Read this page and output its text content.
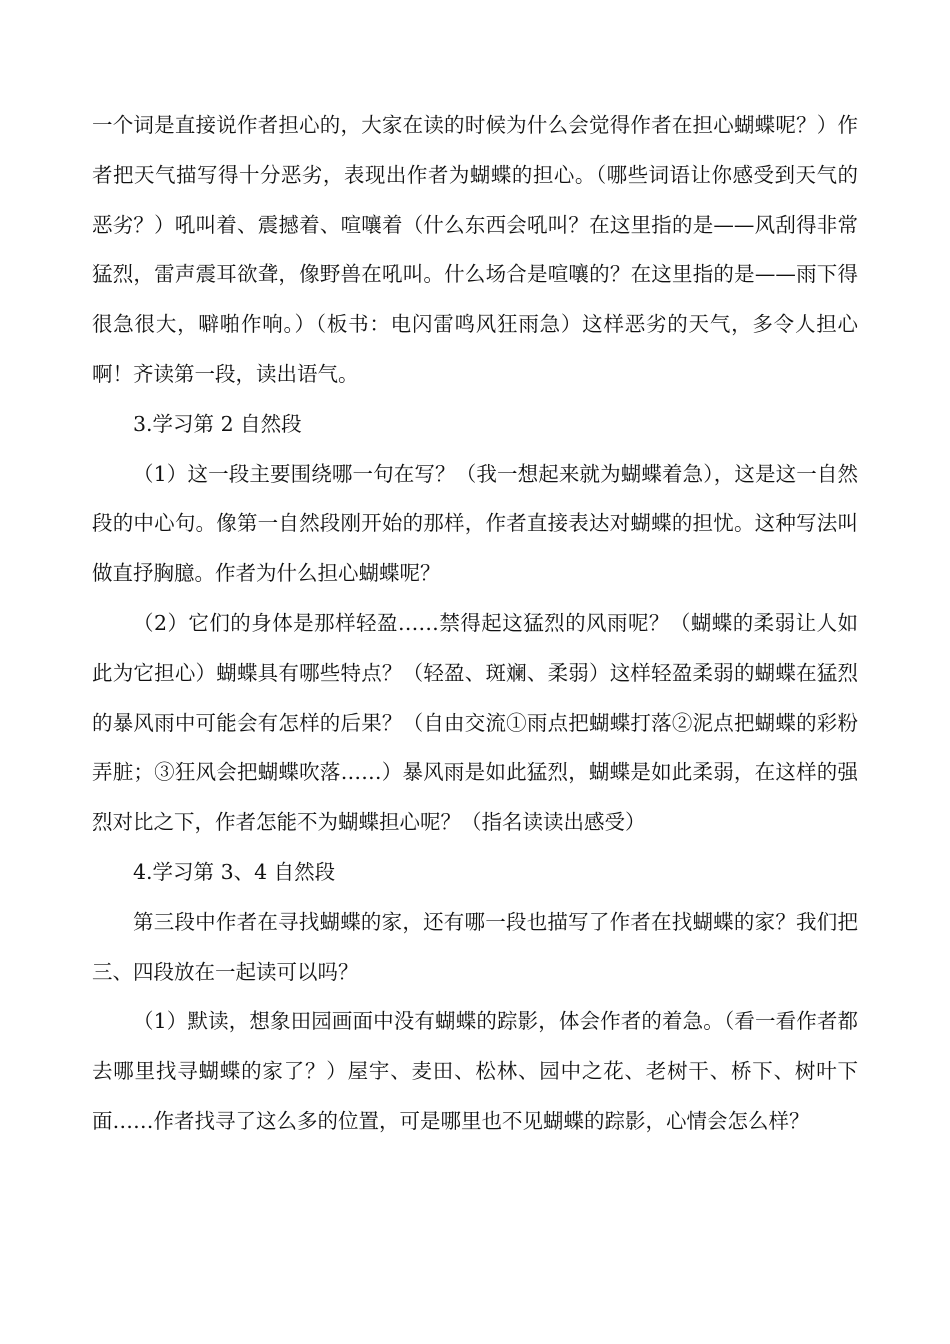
一个词是直接说作者担心的，大家在读的时候为什么会觉得作者在担心蝴蝶呢？）作者把天气描写得十分恶劣，表现出作者为蝴蝶的担心。（哪些词语让你感受到天气的恶劣？）吼叫着、震撼着、喧嚷着（什么东西会吼叫？在这里指的是——风刮得非常猛烈，雷声震耳欲聋，像野兽在吼叫。什么场合是喧嚷的？在这里指的是——雨下得很急很大，噼啪作响。）（板书：电闪雷鸣风狂雨急）这样恶劣的天气，多令人担心啊！齐读第一段，读出语气。

3.学习第 2 自然段

（1）这一段主要围绕哪一句在写？（我一想起来就为蝴蝶着急），这是这一自然段的中心句。像第一自然段刚开始的那样，作者直接表达对蝴蝶的担忧。这种写法叫做直抒胸臆。作者为什么担心蝴蝶呢？

（2）它们的身体是那样轻盈……禁得起这猛烈的风雨呢？（蝴蝶的柔弱让人如此为它担心）蝴蝶具有哪些特点？（轻盈、斑斓、柔弱）这样轻盈柔弱的蝴蝶在猛烈的暴风雨中可能会有怎样的后果？（自由交流①雨点把蝴蝶打落②泥点把蝴蝶的彩粉弄脏；③狂风会把蝴蝶吹落……）暴风雨是如此猛烈，蝴蝶是如此柔弱，在这样的强烈对比之下，作者怎能不为蝴蝶担心呢？（指名读读出感受）

4.学习第 3、4 自然段

第三段中作者在寻找蝴蝶的家，还有哪一段也描写了作者在找蝴蝶的家？我们把三、四段放在一起读可以吗？

（1）默读，想象田园画面中没有蝴蝶的踪影，体会作者的着急。（看一看作者都去哪里找寻蝴蝶的家了？）屋宇、麦田、松林、园中之花、老树干、桥下、树叶下面……作者找寻了这么多的位置，可是哪里也不见蝴蝶的踪影，心情会怎么样？
